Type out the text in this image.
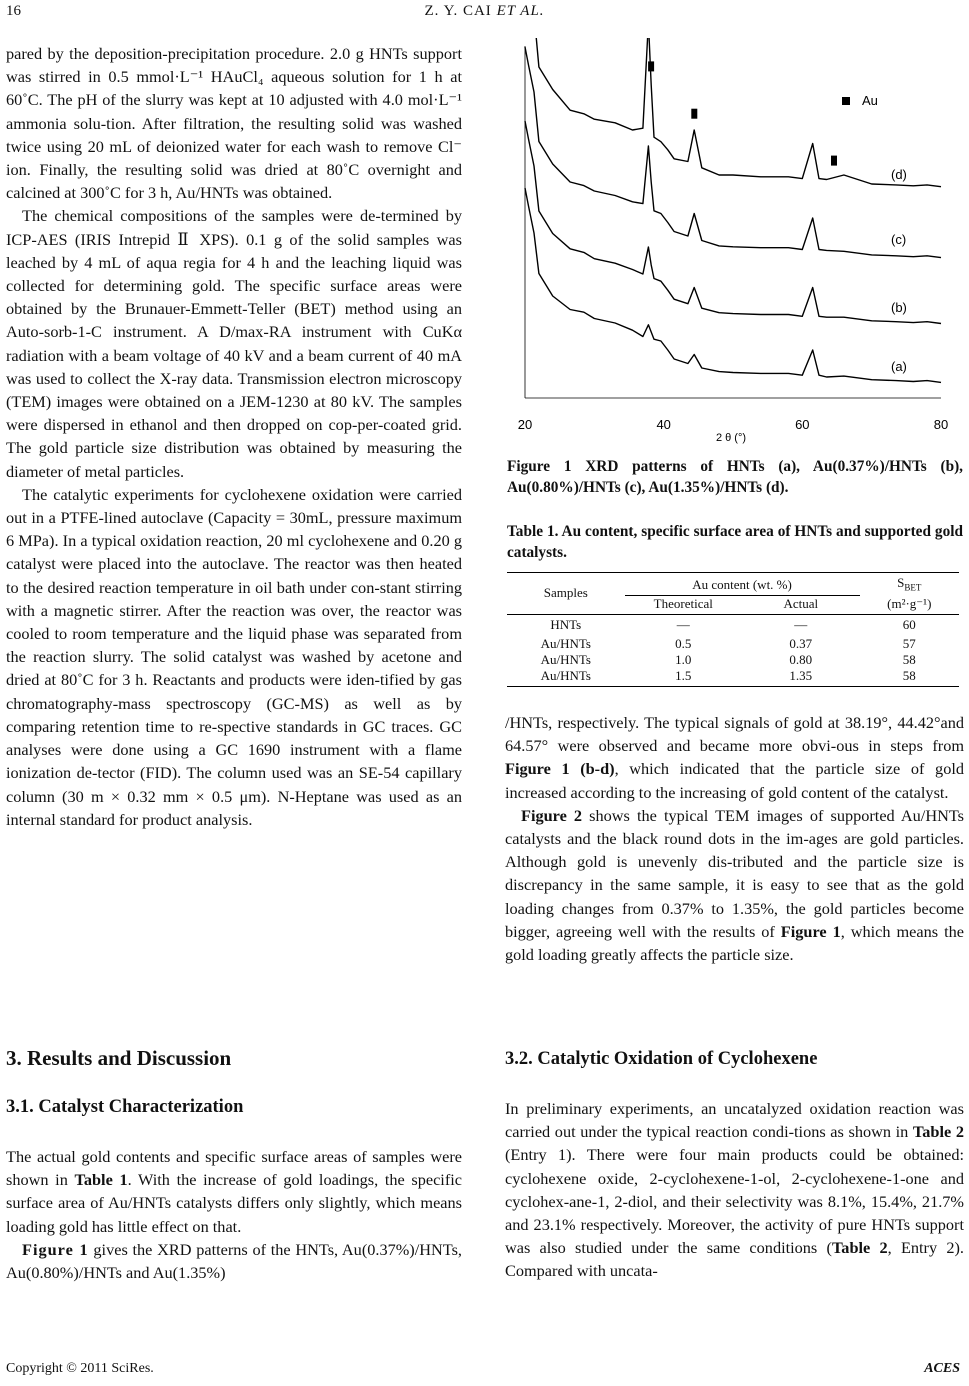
16	Z. Y. CAI ET AL.

pared by the deposition-precipitation procedure. 2.0 g HNTs support was stirred in 0.5 mmol·L⁻¹ HAuCl₄ aqueous solution for 1 h at 60˚C. The pH of the slurry was kept at 10 adjusted with 4.0 mol·L⁻¹ ammonia solu-tion. After filtration, the resulting solid was washed twice using 20 mL of deionized water for each wash to remove Cl⁻ ion. Finally, the resulting solid was dried at 80˚C overnight and calcined at 300˚C for 3 h, Au/HNTs was obtained.

The chemical compositions of the samples were de-termined by ICP-AES (IRIS Intrepid Ⅱ XPS). 0.1 g of the solid samples was leached by 4 mL of aqua regia for 4 h and the leaching liquid was collected for determining gold. The specific surface areas were obtained by the Brunauer-Emmett-Teller (BET) method using an Auto-sorb-1-C instrument. A D/max-RA instrument with CuKα radiation with a beam voltage of 40 kV and a beam current of 40 mA was used to collect the X-ray data. Transmission electron microscopy (TEM) images were obtained on a JEM-1230 at 80 kV. The samples were dispersed in ethanol and then dropped on cop-per-coated grid. The gold particle size distribution was obtained by measuring the diameter of metal particles.

The catalytic experiments for cyclohexene oxidation were carried out in a PTFE-lined autoclave (Capacity = 30mL, pressure maximum 6 MPa). In a typical oxidation reaction, 20 ml cyclohexene and 0.20 g catalyst were placed into the autoclave. The reactor was then heated to the desired reaction temperature in oil bath under con-stant stirring with a magnetic stirrer. After the reaction was over, the reactor was cooled to room temperature and the liquid phase was separated from the reaction slurry. The solid catalyst was washed by acetone and dried at 80˚C for 3 h. Reactants and products were iden-tified by gas chromatography-mass spectroscopy (GC-MS) as well as by comparing retention time to re-spective standards in GC traces. GC analyses were done using a GC 1690 instrument with a flame ionization de-tector (FID). The column used was an SE-54 capillary column (30 m × 0.32 mm × 0.5 μm). N-Heptane was used as an internal standard for product analysis.

3. Results and Discussion
3.1. Catalyst Characterization

The actual gold contents and specific surface areas of samples were shown in Table 1. With the increase of gold loadings, the specific surface area of Au/HNTs catalysts differs only slightly, which means loading gold has little effect on that.

Figure 1 gives the XRD patterns of the HNTs, Au(0.37%)/HNTs, Au(0.80%)/HNTs and Au(1.35%)

Au
(d)
(c)
(b)
(a)
20	40	60	80
2 θ (°)
Figure 1 XRD patterns of HNTs (a), Au(0.37%)/HNTs (b), Au(0.80%)/HNTs (c), Au(1.35%)/HNTs (d).
Table 1. Au content, specific surface area of HNTs and supported gold catalysts.
Samples	Au content (wt. %)		$S_{BET}$
	Theoretical	Actual	(m²·g⁻¹)
HNTs	—	—	60
Au/HNTs	0.5	0.37	57
Au/HNTs	1.0	0.80	58
Au/HNTs	1.5	1.35	58

/HNTs, respectively. The typical signals of gold at 38.19°, 44.42°and 64.57° were observed and became more obvi-ous in steps from Figure 1 (b-d), which indicated that the particle size of gold increased according to the increasing of gold content of the catalyst.

Figure 2 shows the typical TEM images of supported Au/HNTs catalysts and the black round dots in the im-ages are gold particles. Although gold is unevenly dis-tributed and the particle size is discrepancy in the same sample, it is easy to see that as the gold loading changes from 0.37% to 1.35%, the gold particles become bigger, agreeing well with the results of Figure 1, which means the gold loading greatly affects the particle size.

3.2. Catalytic Oxidation of Cyclohexene

In preliminary experiments, an uncatalyzed oxidation reaction was carried out under the typical reaction condi-tions as shown in Table 2 (Entry 1). There were four main products could be obtained: cyclohexene oxide, 2-cyclohexene-1-ol, 2-cyclohexene-1-one and cyclohex-ane-1, 2-diol, and their selectivity was 8.1%, 15.4%, 21.7% and 23.1% respectively. Moreover, the activity of pure HNTs support was also studied under the same conditions (Table 2, Entry 2). Compared with uncata-

Copyright © 2011 SciRes.	ACES
